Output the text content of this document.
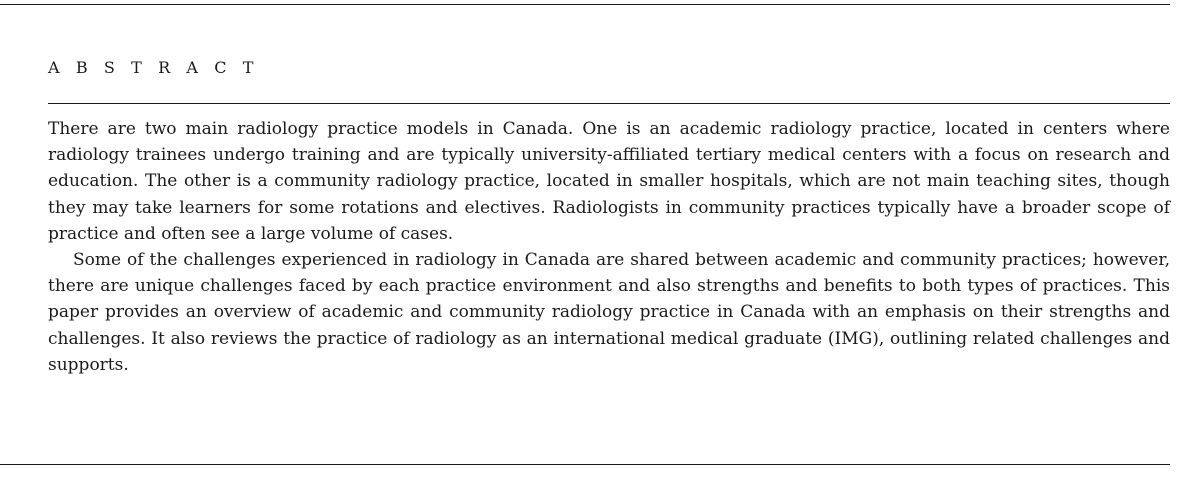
A B S T R A C T

There are two main radiology practice models in Canada. One is an academic radiology practice, located in centers where radiology trainees undergo training and are typically university-affiliated tertiary medical centers with a focus on research and education. The other is a community radiology practice, located in smaller hospitals, which are not main teaching sites, though they may take learners for some rotations and electives. Radiologists in community practices typically have a broader scope of practice and often see a large volume of cases.

Some of the challenges experienced in radiology in Canada are shared between academic and community practices; however, there are unique challenges faced by each practice environment and also strengths and benefits to both types of practices. This paper provides an overview of academic and community radiology practice in Canada with an emphasis on their strengths and challenges. It also reviews the practice of radiology as an international medical graduate (IMG), outlining related challenges and supports.
